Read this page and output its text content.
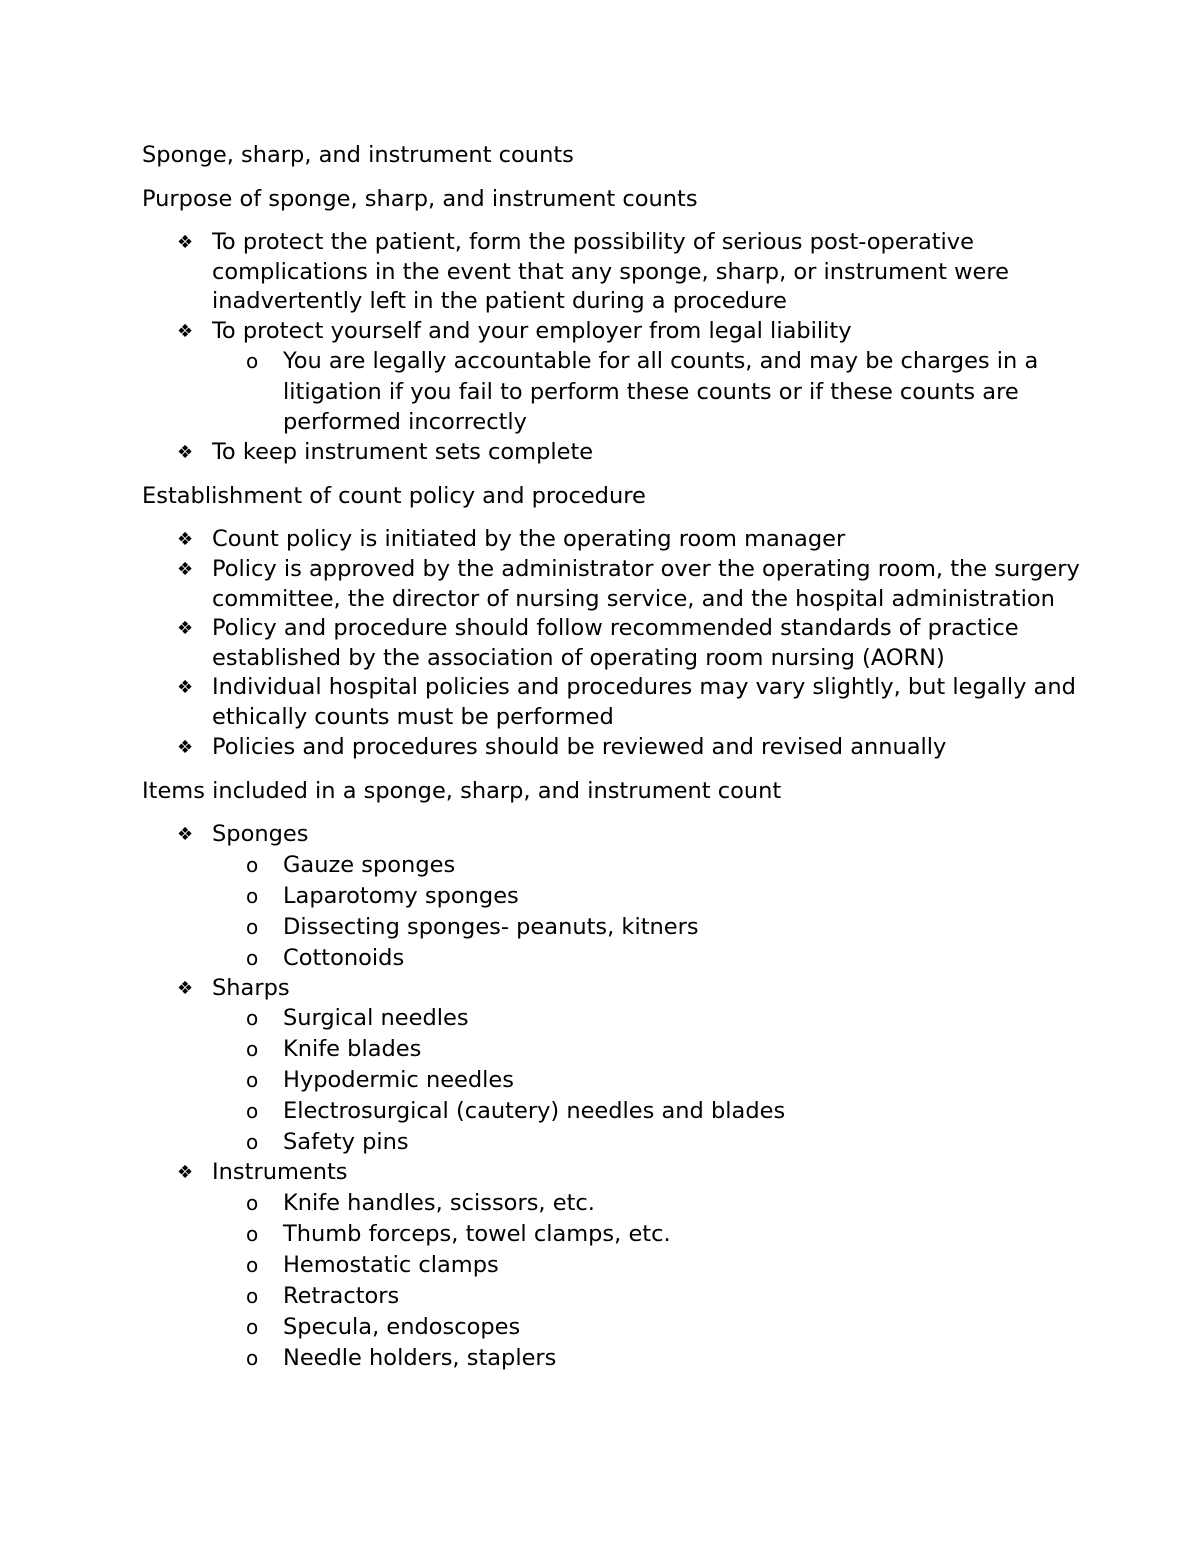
Sponge, sharp, and instrument counts

Purpose of sponge, sharp, and instrument counts

❖ To protect the patient, form the possibility of serious post-operative complications in the event that any sponge, sharp, or instrument were inadvertently left in the patient during a procedure
❖ To protect yourself and your employer from legal liability
o You are legally accountable for all counts, and may be charges in a litigation if you fail to perform these counts or if these counts are performed incorrectly
❖ To keep instrument sets complete

Establishment of count policy and procedure

❖ Count policy is initiated by the operating room manager
❖ Policy is approved by the administrator over the operating room, the surgery committee, the director of nursing service, and the hospital administration
❖ Policy and procedure should follow recommended standards of practice established by the association of operating room nursing (AORN)
❖ Individual hospital policies and procedures may vary slightly, but legally and ethically counts must be performed
❖ Policies and procedures should be reviewed and revised annually

Items included in a sponge, sharp, and instrument count

❖ Sponges
o Gauze sponges
o Laparotomy sponges
o Dissecting sponges- peanuts, kitners
o Cottonoids
❖ Sharps
o Surgical needles
o Knife blades
o Hypodermic needles
o Electrosurgical (cautery) needles and blades
o Safety pins
❖ Instruments
o Knife handles, scissors, etc.
o Thumb forceps, towel clamps, etc.
o Hemostatic clamps
o Retractors
o Specula, endoscopes
o Needle holders, staplers
